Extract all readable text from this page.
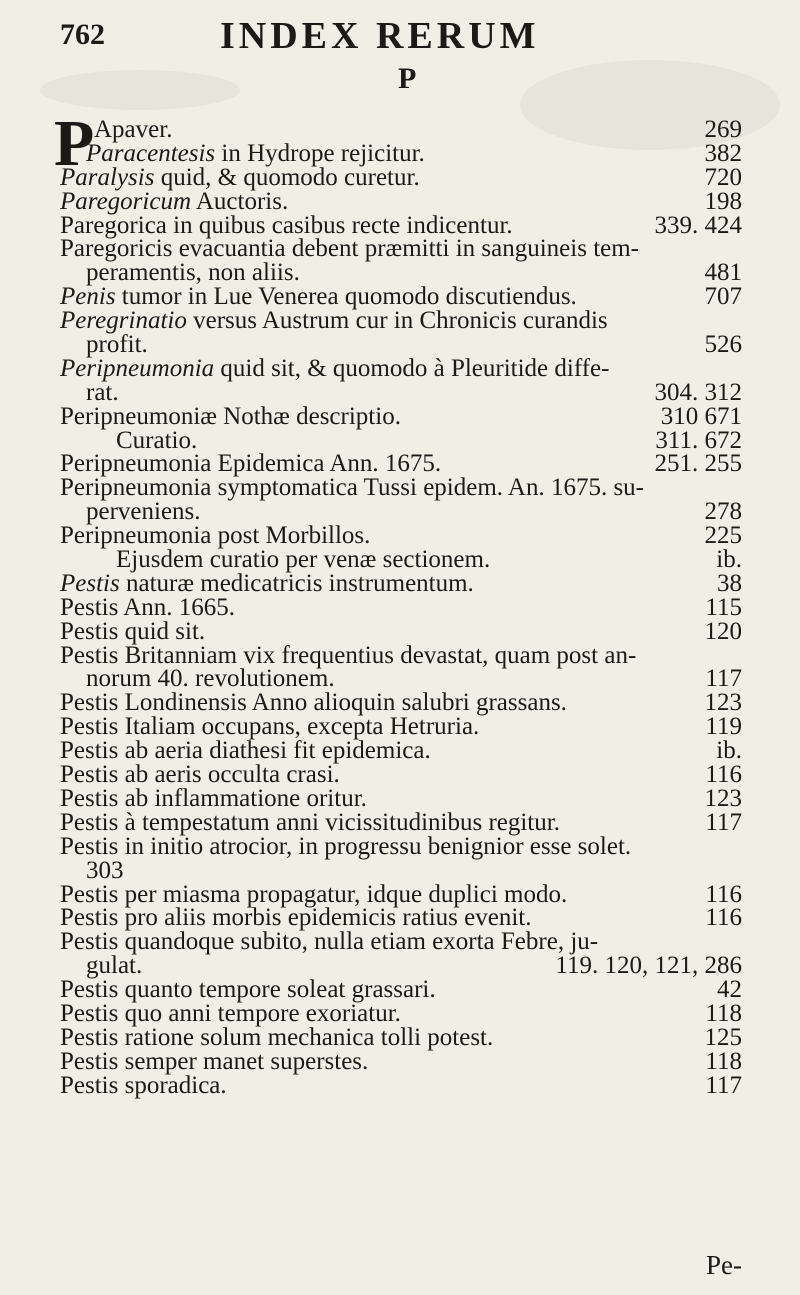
762	INDEX RERUM
P
P Apaver.	269
Paracentesis in Hydrope rejicitur.	382
Paralysis quid, & quomodo curetur.	720
Paregoricum Auctoris.	198
Paregorica in quibus casibus recte indicentur.	339. 424
Paregoricis evacuantia debent præmitti in sanguineis tem-
peramentis, non aliis.	481
Penis tumor in Lue Venerea quomodo discutiendus.	707
Peregrinatio versus Austrum cur in Chronicis curandis
profit.	526
Peripneumonia quid sit, & quomodo à Pleuritide diffe-
rat.	304. 312
Peripneumoniæ Nothæ descriptio.	310 671
Curatio.	311. 672
Peripneumonia Epidemica Ann. 1675.	251. 255
Peripneumonia symptomatica Tussi epidem. An. 1675. su-
perveniens.	278
Peripneumonia post Morbillos.	225
Ejusdem curatio per venæ sectionem.	ib.
Pestis naturæ medicatricis instrumentum.	38
Pestis Ann. 1665.	115
Pestis quid sit.	120
Pestis Britanniam vix frequentius devastat, quam post an-
norum 40. revolutionem.	117
Pestis Londinensis Anno alioquin salubri grassans.	123
Pestis Italiam occupans, excepta Hetruria.	119
Pestis ab aeria diathesi fit epidemica.	ib.
Pestis ab aeris occulta crasi.	116
Pestis ab inflammatione oritur.	123
Pestis à tempestatum anni vicissitudinibus regitur.	117
Pestis in initio atrocior, in progressu benignior esse solet.
303
Pestis per miasma propagatur, idque duplici modo.	116
Pestis pro aliis morbis epidemicis ratius evenit.	116
Pestis quandoque subito, nulla etiam exorta Febre, ju-
gulat.	119. 120, 121, 286
Pestis quanto tempore soleat grassari.	42
Pestis quo anni tempore exoriatur.	118
Pestis ratione solum mechanica tolli potest.	125
Pestis semper manet superstes.	118
Pestis sporadica.	117
Pe-
